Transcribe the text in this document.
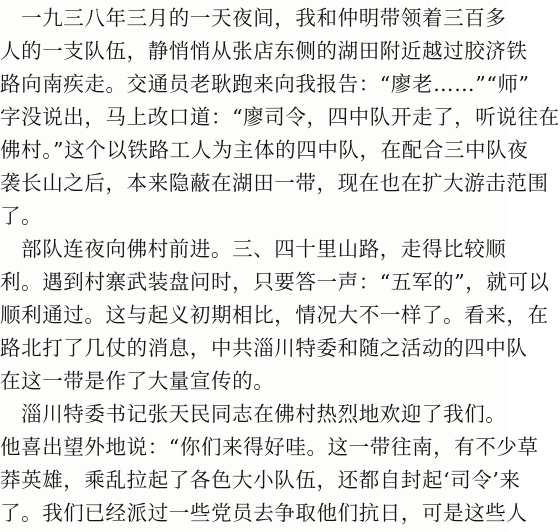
　一九三八年三月的一天夜间，我和仲明带领着三百多
人的一支队伍，静悄悄从张店东侧的湖田附近越过胶济铁
路向南疾走。交通员老耿跑来向我报告：“廖老……”“师”
字没说出，马上改口道：“廖司令，四中队开走了，听说往在
佛村。”这个以铁路工人为主体的四中队，在配合三中队夜
袭长山之后，本来隐蔽在湖田一带，现在也在扩大游击范围
了。
　部队连夜向佛村前进。三、四十里山路，走得比较顺
利。遇到村寨武装盘问时，只要答一声：“五军的”，就可以
顺利通过。这与起义初期相比，情况大不一样了。看来，在
路北打了几仗的消息，中共淄川特委和随之活动的四中队
在这一带是作了大量宣传的。
　淄川特委书记张天民同志在佛村热烈地欢迎了我们。
他喜出望外地说：“你们来得好哇。这一带往南，有不少草
莽英雄，乘乱拉起了各色大小队伍，还都自封起‘司令’来
了。我们已经派过一些党员去争取他们抗日，可是这些人
